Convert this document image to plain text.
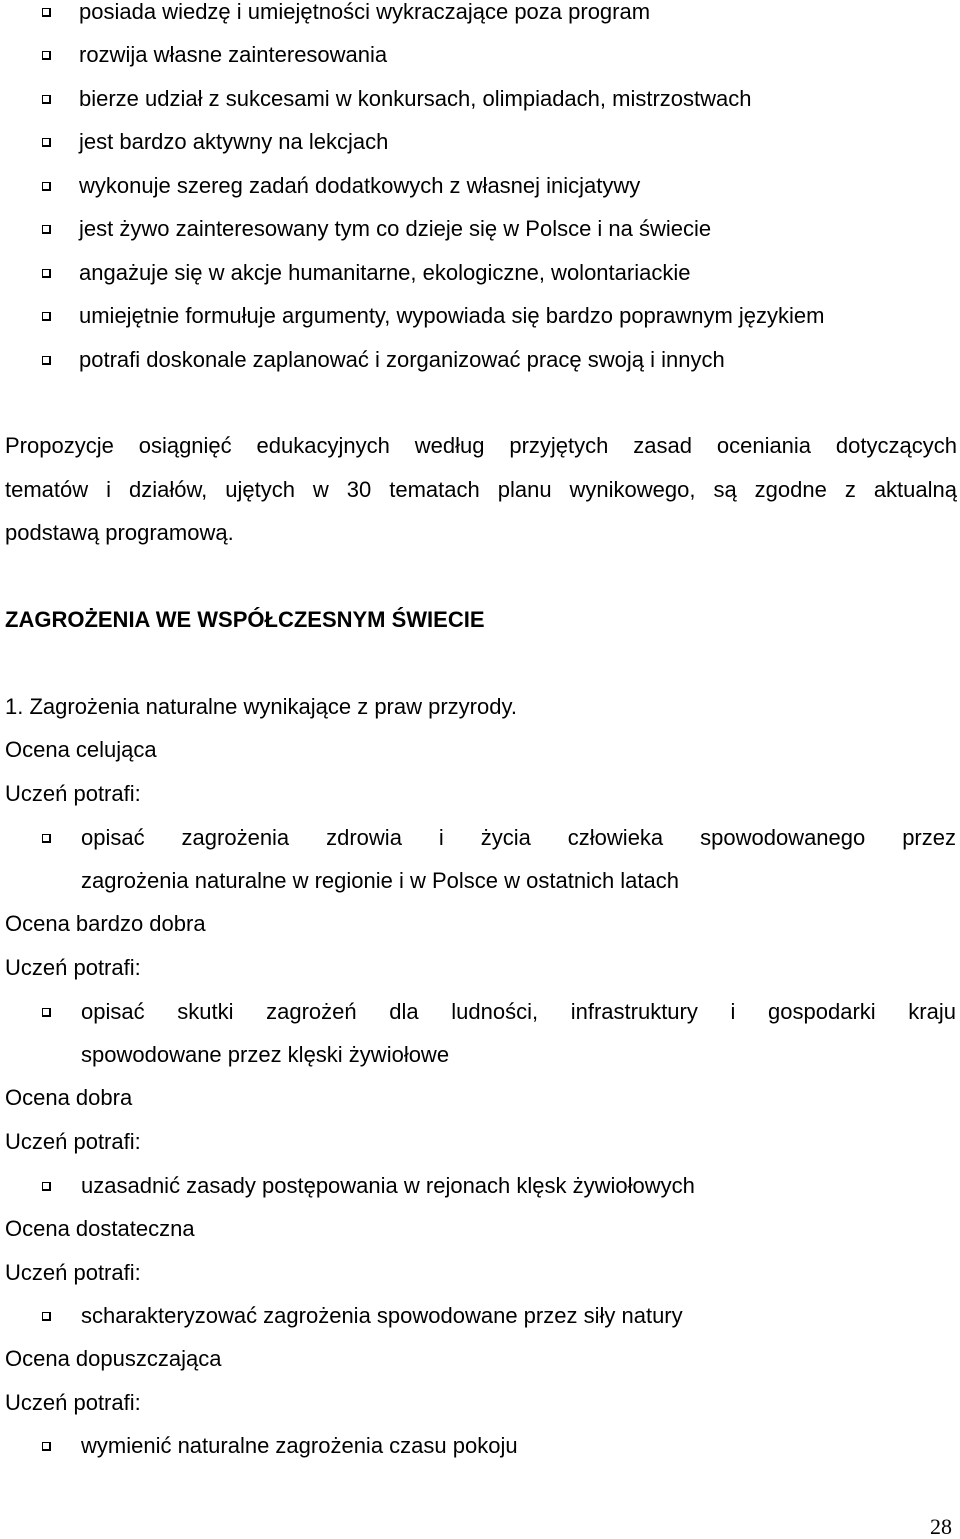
posiada wiedzę i umiejętności wykraczające poza program
rozwija własne zainteresowania
bierze udział z sukcesami w konkursach, olimpiadach, mistrzostwach
jest bardzo aktywny na lekcjach
wykonuje szereg zadań dodatkowych z własnej inicjatywy
jest żywo zainteresowany tym co dzieje się w Polsce i na świecie
angażuje się w akcje humanitarne, ekologiczne, wolontariackie
umiejętnie formułuje argumenty, wypowiada się bardzo poprawnym językiem
potrafi doskonale zaplanować i zorganizować pracę swoją i innych
Propozycje osiągnięć edukacyjnych według przyjętych zasad oceniania dotyczących
tematów i działów, ujętych w 30 tematach planu wynikowego, są zgodne z aktualną
podstawą programową.
ZAGROŻENIA WE WSPÓŁCZESNYM ŚWIECIE
1. Zagrożenia naturalne wynikające z praw przyrody.
Ocena celująca
Uczeń potrafi:
opisać zagrożenia zdrowia i życia człowieka spowodowanego przez
zagrożenia naturalne w regionie i w Polsce w ostatnich latach
Ocena bardzo dobra
Uczeń potrafi:
opisać skutki zagrożeń dla ludności, infrastruktury i gospodarki kraju
spowodowane przez klęski żywiołowe
Ocena dobra
Uczeń potrafi:
uzasadnić zasady postępowania w rejonach klęsk żywiołowych
Ocena dostateczna
Uczeń potrafi:
scharakteryzować zagrożenia spowodowane przez siły natury
Ocena dopuszczająca
Uczeń potrafi:
wymienić naturalne zagrożenia czasu pokoju
28
